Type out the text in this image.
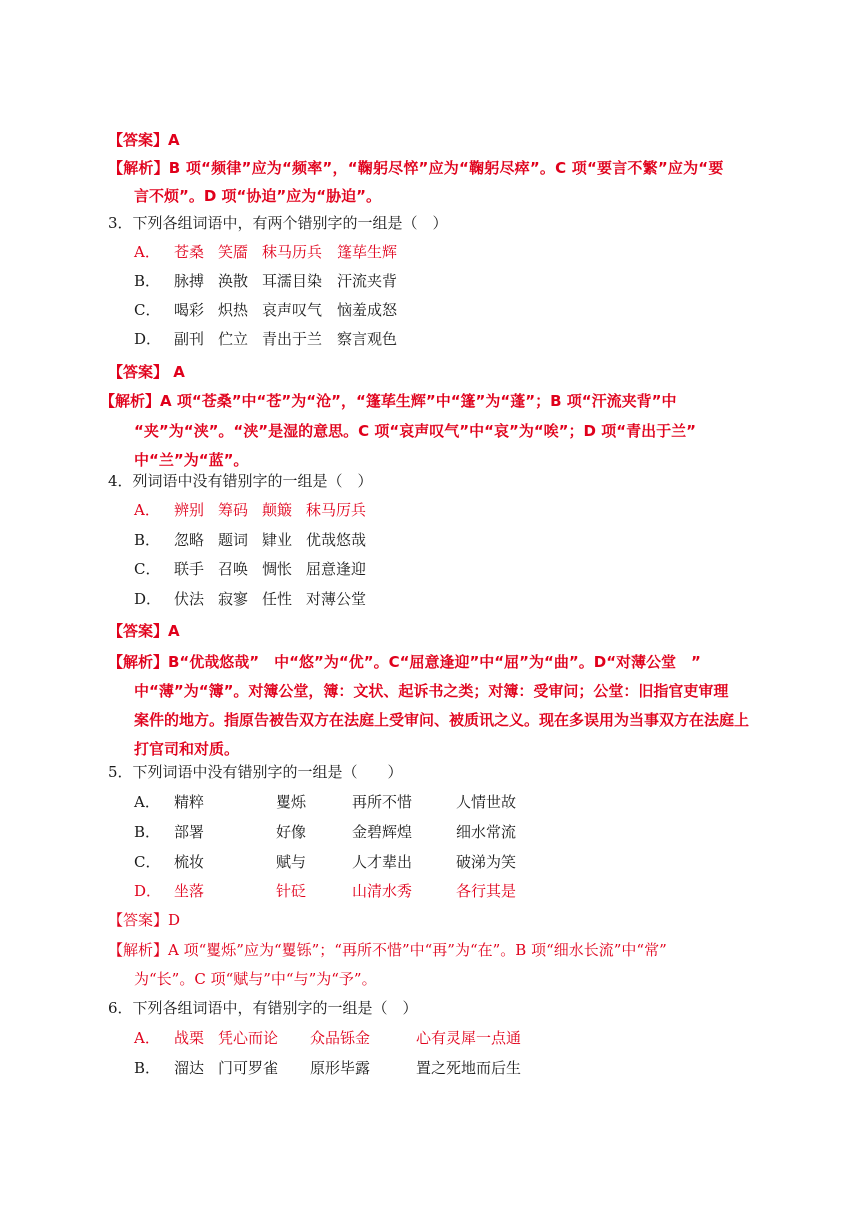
【答案】A
【解析】B 项“频律”应为“频率”，“鞠躬尽悴”应为“鞠躬尽瘁”。C 项“要言不繁”应为“要
言不烦”。D 项“协迫”应为“胁迫”。
3．下列各组词语中，有两个错别字的一组是（　）
A． 苍桑 笑靥 秣马历兵 篷荜生辉
B． 脉搏 涣散 耳濡目染 汗流夹背
C． 喝彩 炽热 哀声叹气 恼羞成怒
D． 副刊 伫立 青出于兰 察言观色
【答案】 A
【解析】A 项“苍桑”中“苍”为“沧”，“篷荜生辉”中“篷”为“蓬”；B 项“汗流夹背”中
“夹”为“浃”。“浃”是湿的意思。C 项“哀声叹气”中“哀”为“唉”；D 项“青出于兰”
中“兰”为“蓝”。
4．列词语中没有错别字的一组是（　）
A． 辨别 筹码 颠簸 秣马厉兵
B． 忽略 题词 肄业 优哉悠哉
C． 联手 召唤 惆怅 屈意逢迎
D． 伏法 寂寥 任性 对薄公堂
【答案】A
【解析】B“优哉悠哉”　中“悠”为“优”。C“屈意逢迎”中“屈”为“曲”。D“对薄公堂　”
中“薄”为“簿”。对簿公堂，簿：文状、起诉书之类；对簿：受审问；公堂：旧指官吏审理
案件的地方。指原告被告双方在法庭上受审问、被质讯之义。现在多误用为当事双方在法庭上
打官司和对质。
5．下列词语中没有错别字的一组是（　　）
A． 精粹	矍烁	再所不惜	人情世故
B． 部署	好像	金碧辉煌	细水常流
C． 梳妆	赋与	人才辈出	破涕为笑
D． 坐落	针砭	山清水秀	各行其是
【答案】D
【解析】A 项“矍烁”应为“矍铄”；“再所不惜”中“再”为“在”。B 项“细水长流”中“常”
为“长”。C 项“赋与”中“与”为“予”。
6．下列各组词语中，有错别字的一组是（　）
A． 战栗 凭心而论 众品铄金	心有灵犀一点通
B． 溜达 门可罗雀 原形毕露	置之死地而后生
